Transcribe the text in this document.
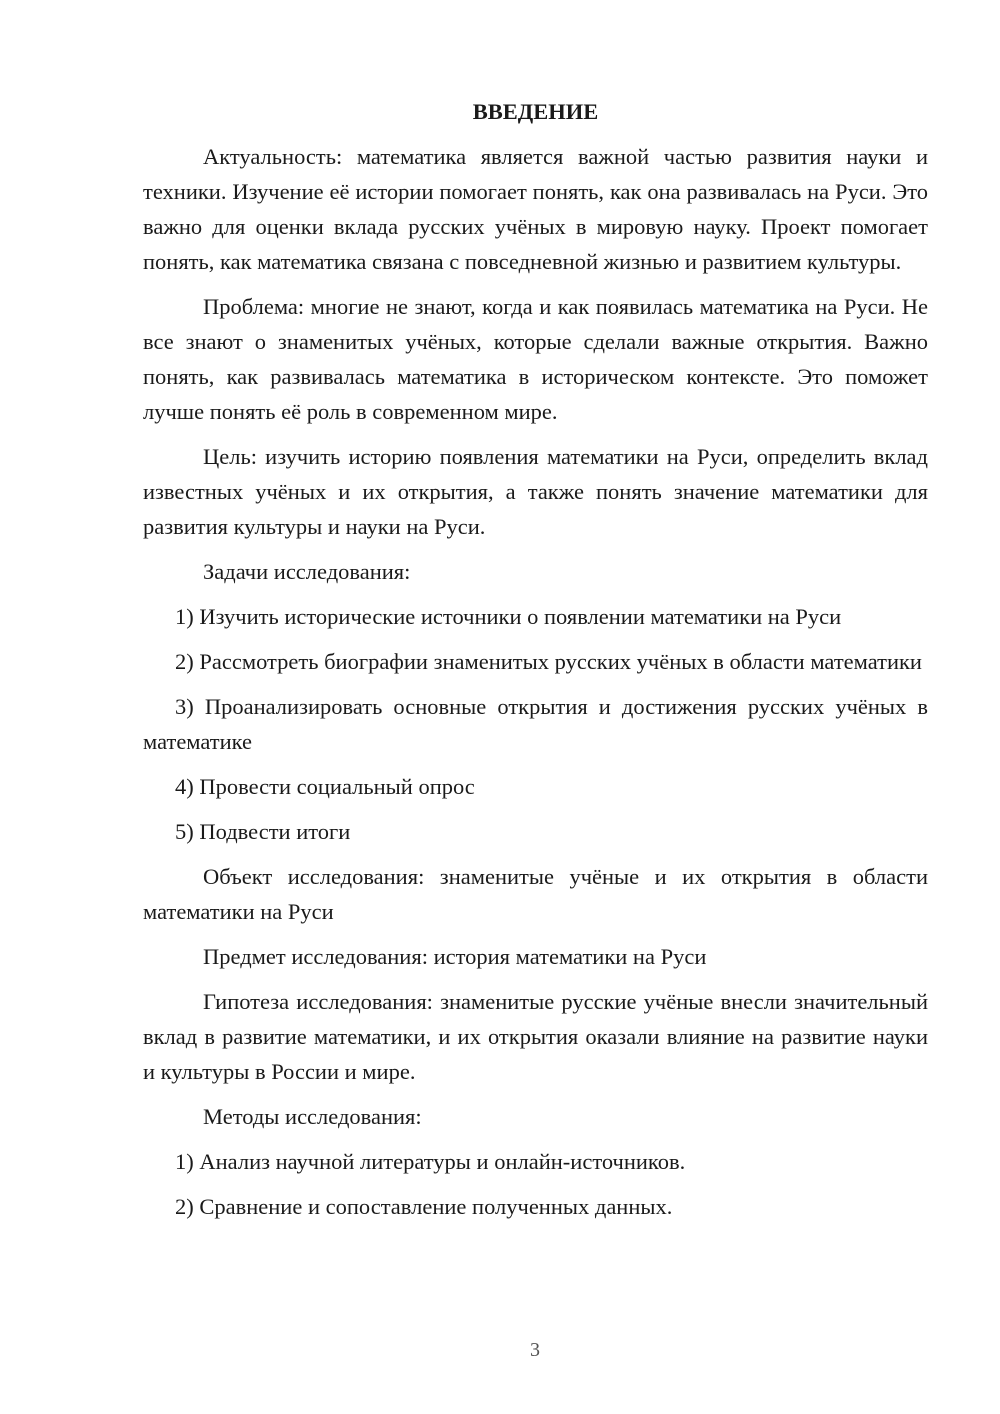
ВВЕДЕНИЕ

Актуальность: математика является важной частью развития науки и техники. Изучение её истории помогает понять, как она развивалась на Руси. Это важно для оценки вклада русских учёных в мировую науку. Проект помогает понять, как математика связана с повседневной жизнью и развитием культуры.

Проблема: многие не знают, когда и как появилась математика на Руси. Не все знают о знаменитых учёных, которые сделали важные открытия. Важно понять, как развивалась математика в историческом контексте. Это поможет лучше понять её роль в современном мире.

Цель: изучить историю появления математики на Руси, определить вклад известных учёных и их открытия, а также понять значение математики для развития культуры и науки на Руси.

Задачи исследования:

1) Изучить исторические источники о появлении математики на Руси

2) Рассмотреть биографии знаменитых русских учёных в области математики

3) Проанализировать основные открытия и достижения русских учёных в математике

4) Провести социальный опрос

5) Подвести итоги

Объект исследования: знаменитые учёные и их открытия в области математики на Руси

Предмет исследования: история математики на Руси

Гипотеза исследования: знаменитые русские учёные внесли значительный вклад в развитие математики, и их открытия оказали влияние на развитие науки и культуры в России и мире.

Методы исследования:

1) Анализ научной литературы и онлайн-источников.

2) Сравнение и сопоставление полученных данных.

3
